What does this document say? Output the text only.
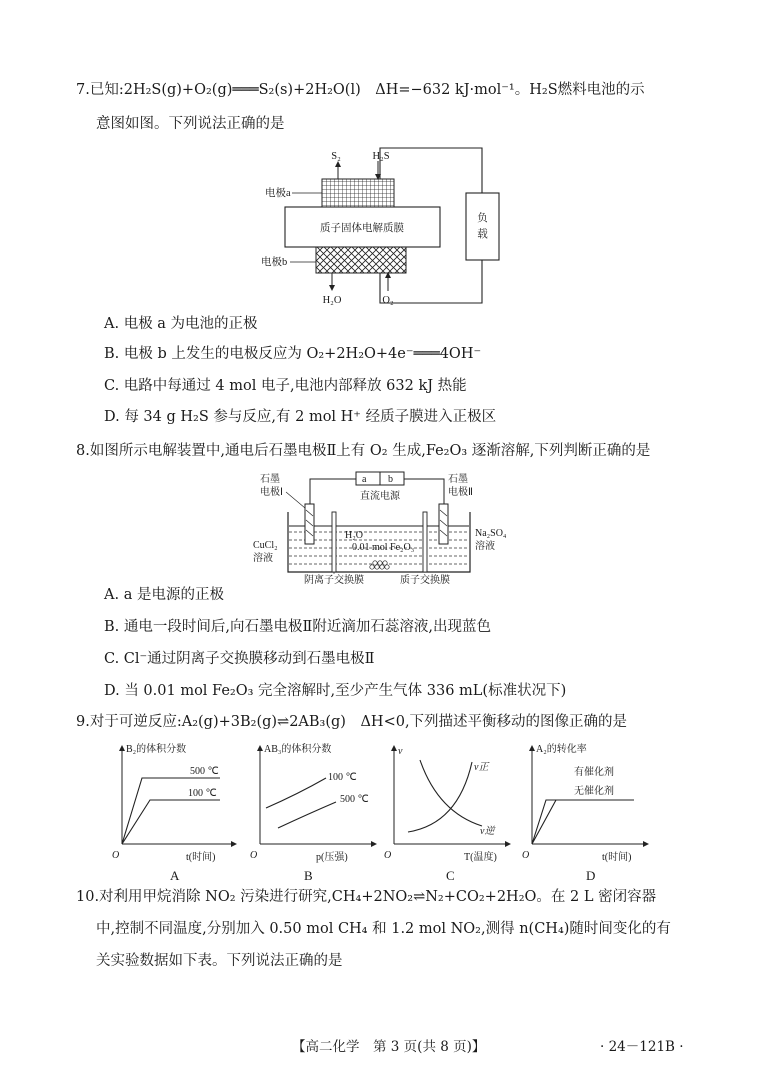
7.已知:2H₂S(g)+O₂(g)═══S₂(s)+2H₂O(l)　ΔH=−632 kJ·mol⁻¹。H₂S燃料电池的示
意图如图。下列说法正确的是
负
载
质子固体电解质膜
S₂	H₂S
H₂O	O₂
电极a
电极b
A. 电极 a 为电池的正极
B. 电极 b 上发生的电极反应为 O₂+2H₂O+4e⁻═══4OH⁻
C. 电路中每通过 4 mol 电子,电池内部释放 632 kJ 热能
D. 每 34 g H₂S 参与反应,有 2 mol H⁺ 经质子膜进入正极区
8.如图所示电解装置中,通电后石墨电极Ⅱ上有 O₂ 生成,Fe₂O₃ 逐渐溶解,下列判断正确的是
a b
直流电源
H₂O
0.01 mol Fe₂O₃
石墨
电极Ⅰ
CuCl₂
溶液
石墨
电极Ⅱ
Na₂SO₄
溶液
阴离子交换膜	质子交换膜
A. a 是电源的正极
B. 通电一段时间后,向石墨电极Ⅱ附近滴加石蕊溶液,出现蓝色
C. Cl⁻通过阴离子交换膜移动到石墨电极Ⅱ
D. 当 0.01 mol Fe₂O₃ 完全溶解时,至少产生气体 336 mL(标准状况下)
9.对于可逆反应:A₂(g)+3B₂(g)⇌2AB₃(g)　ΔH<0,下列描述平衡移动的图像正确的是
B₂的体积分数
t(时间)
O
500 ℃
100 ℃
A
AB₃的体积分数
p(压强)
O
100 ℃
500 ℃
B
v
T(温度)
O
v正
v逆
C
A₂的转化率
t(时间)
O
有催化剂
无催化剂
D
10.对利用甲烷消除 NO₂ 污染进行研究,CH₄+2NO₂⇌N₂+CO₂+2H₂O。在 2 L 密闭容器
中,控制不同温度,分别加入 0.50 mol CH₄ 和 1.2 mol NO₂,测得 n(CH₄)随时间变化的有
关实验数据如下表。下列说法正确的是
【高二化学　第 3 页(共 8 页)】	· 24－121B ·
